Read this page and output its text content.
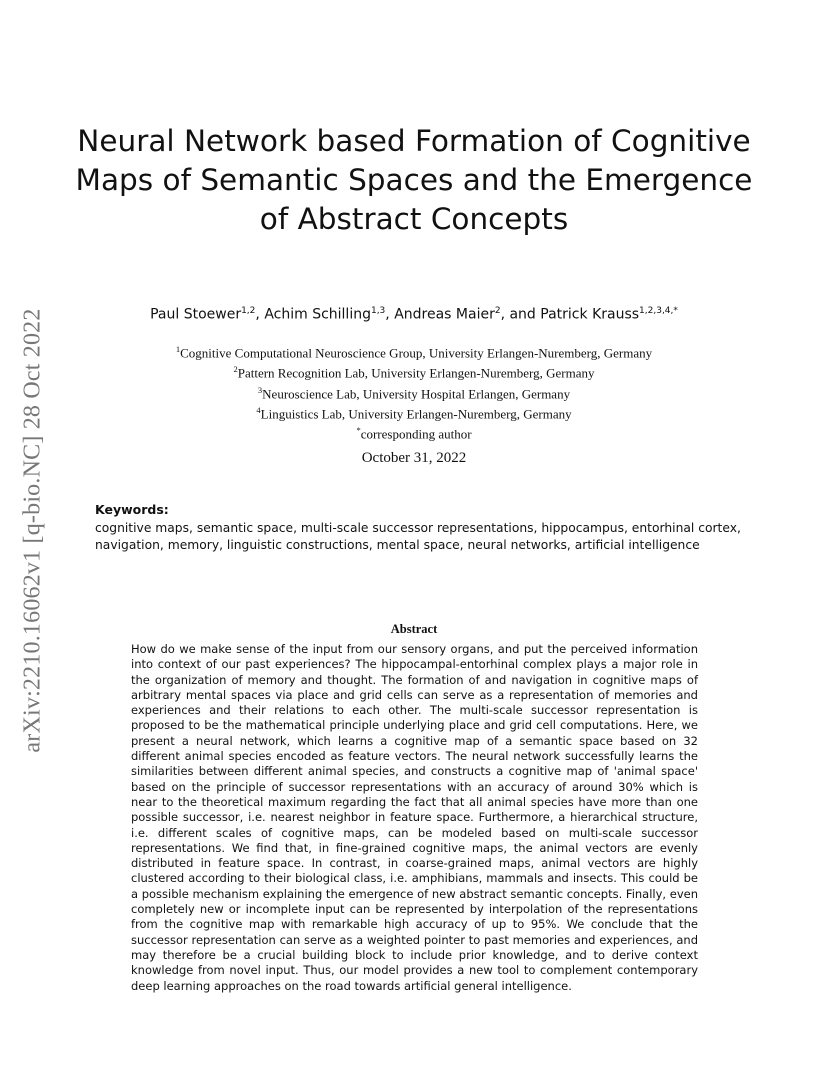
arXiv:2210.16062v1 [q-bio.NC] 28 Oct 2022
Neural Network based Formation of Cognitive Maps of Semantic Spaces and the Emergence of Abstract Concepts
Paul Stoewer$^{1,2}$, Achim Schilling$^{1,3}$, Andreas Maier$^2$, and Patrick Krauss$^{1,2,3,4,*}$
$^1$Cognitive Computational Neuroscience Group, University Erlangen-Nuremberg, Germany
$^2$Pattern Recognition Lab, University Erlangen-Nuremberg, Germany
$^3$Neuroscience Lab, University Hospital Erlangen, Germany
$^4$Linguistics Lab, University Erlangen-Nuremberg, Germany
*corresponding author
October 31, 2022
Keywords:
cognitive maps, semantic space, multi-scale successor representations, hippocampus, entorhinal cortex, navigation, memory, linguistic constructions, mental space, neural networks, artificial intelligence
Abstract
How do we make sense of the input from our sensory organs, and put the perceived information into context of our past experiences? The hippocampal-entorhinal complex plays a major role in the organization of memory and thought. The formation of and navigation in cognitive maps of arbitrary mental spaces via place and grid cells can serve as a representation of memories and experiences and their relations to each other. The multi-scale successor representation is proposed to be the mathematical principle underlying place and grid cell computations. Here, we present a neural network, which learns a cognitive map of a semantic space based on 32 different animal species encoded as feature vectors. The neural network successfully learns the similarities between different animal species, and constructs a cognitive map of 'animal space' based on the principle of successor representations with an accuracy of around 30% which is near to the theoretical maximum regarding the fact that all animal species have more than one possible successor, i.e. nearest neighbor in feature space. Furthermore, a hierarchical structure, i.e. different scales of cognitive maps, can be modeled based on multi-scale successor representations. We find that, in fine-grained cognitive maps, the animal vectors are evenly distributed in feature space. In contrast, in coarse-grained maps, animal vectors are highly clustered according to their biological class, i.e. amphibians, mammals and insects. This could be a possible mechanism explaining the emergence of new abstract semantic concepts. Finally, even completely new or incomplete input can be represented by interpolation of the representations from the cognitive map with remarkable high accuracy of up to 95%. We conclude that the successor representation can serve as a weighted pointer to past memories and experiences, and may therefore be a crucial building block to include prior knowledge, and to derive context knowledge from novel input. Thus, our model provides a new tool to complement contemporary deep learning approaches on the road towards artificial general intelligence.
